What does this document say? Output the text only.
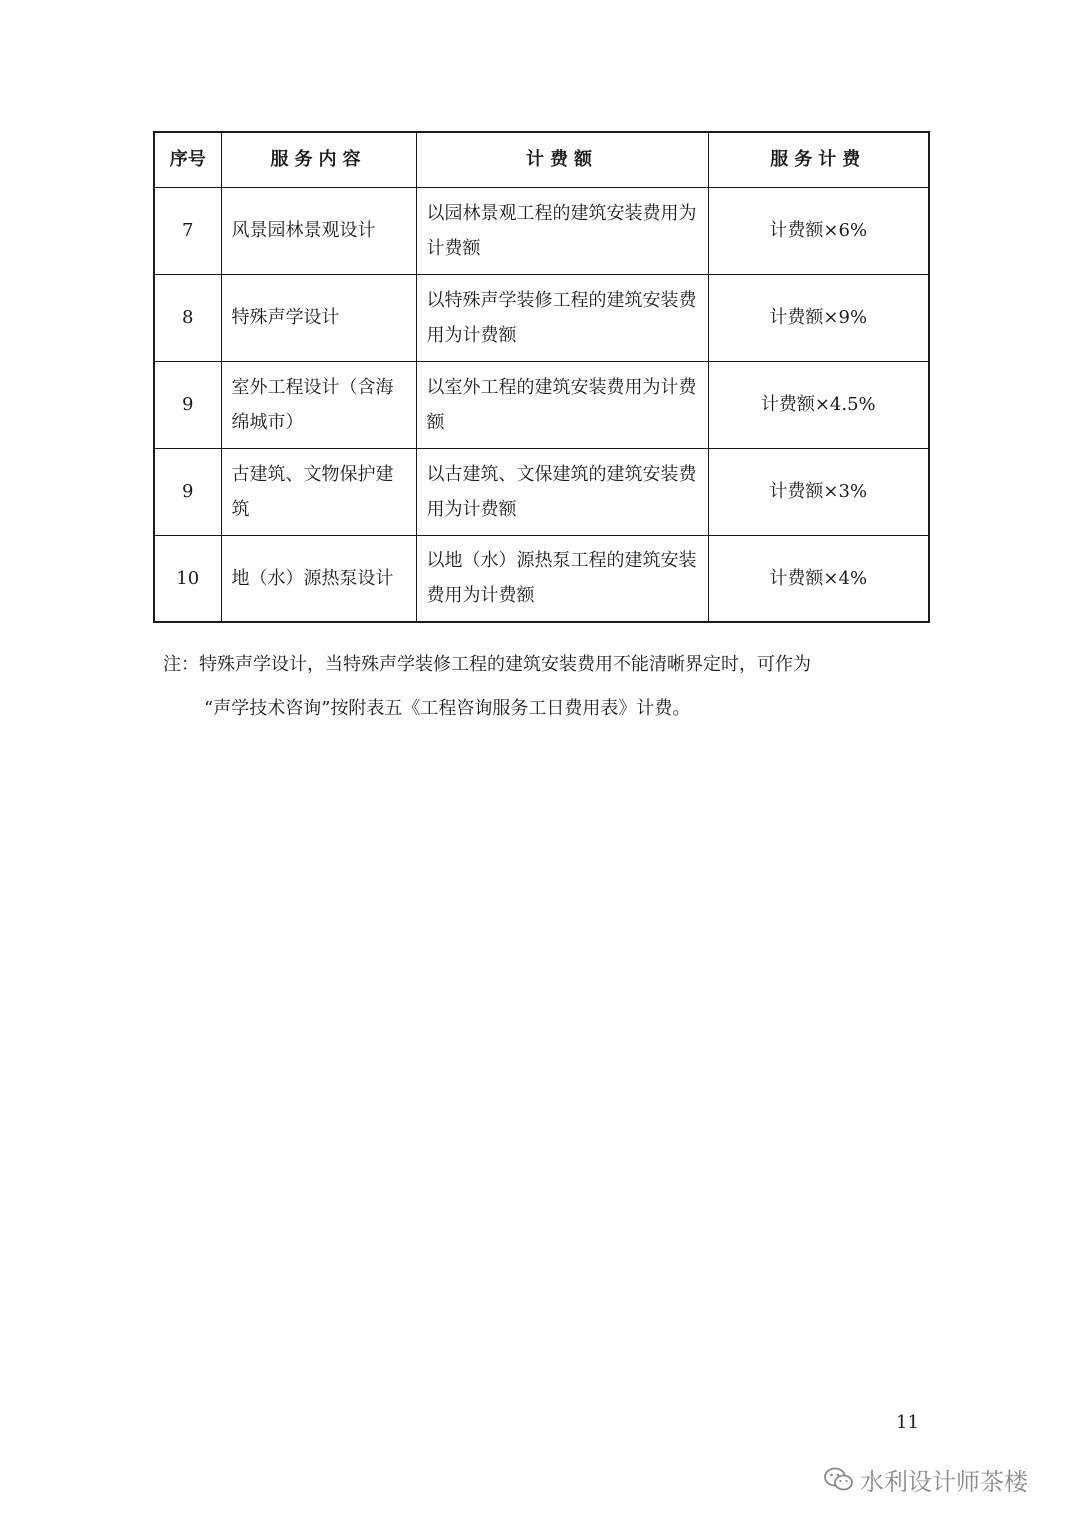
序号	服务内容	计费额	服务计费
7	风景园林景观设计	以园林景观工程的建筑安装费用为计费额	计费额×6%
8	特殊声学设计	以特殊声学装修工程的建筑安装费用为计费额	计费额×9%
9	室外工程设计（含海绵城市）	以室外工程的建筑安装费用为计费额	计费额×4.5%
9	古建筑、文物保护建筑	以古建筑、文保建筑的建筑安装费用为计费额	计费额×3%
10	地（水）源热泵设计	以地（水）源热泵工程的建筑安装费用为计费额	计费额×4%

注：特殊声学设计，当特殊声学装修工程的建筑安装费用不能清晰界定时，可作为

“声学技术咨询”按附表五《工程咨询服务工日费用表》计费。

11
水利设计师茶楼
